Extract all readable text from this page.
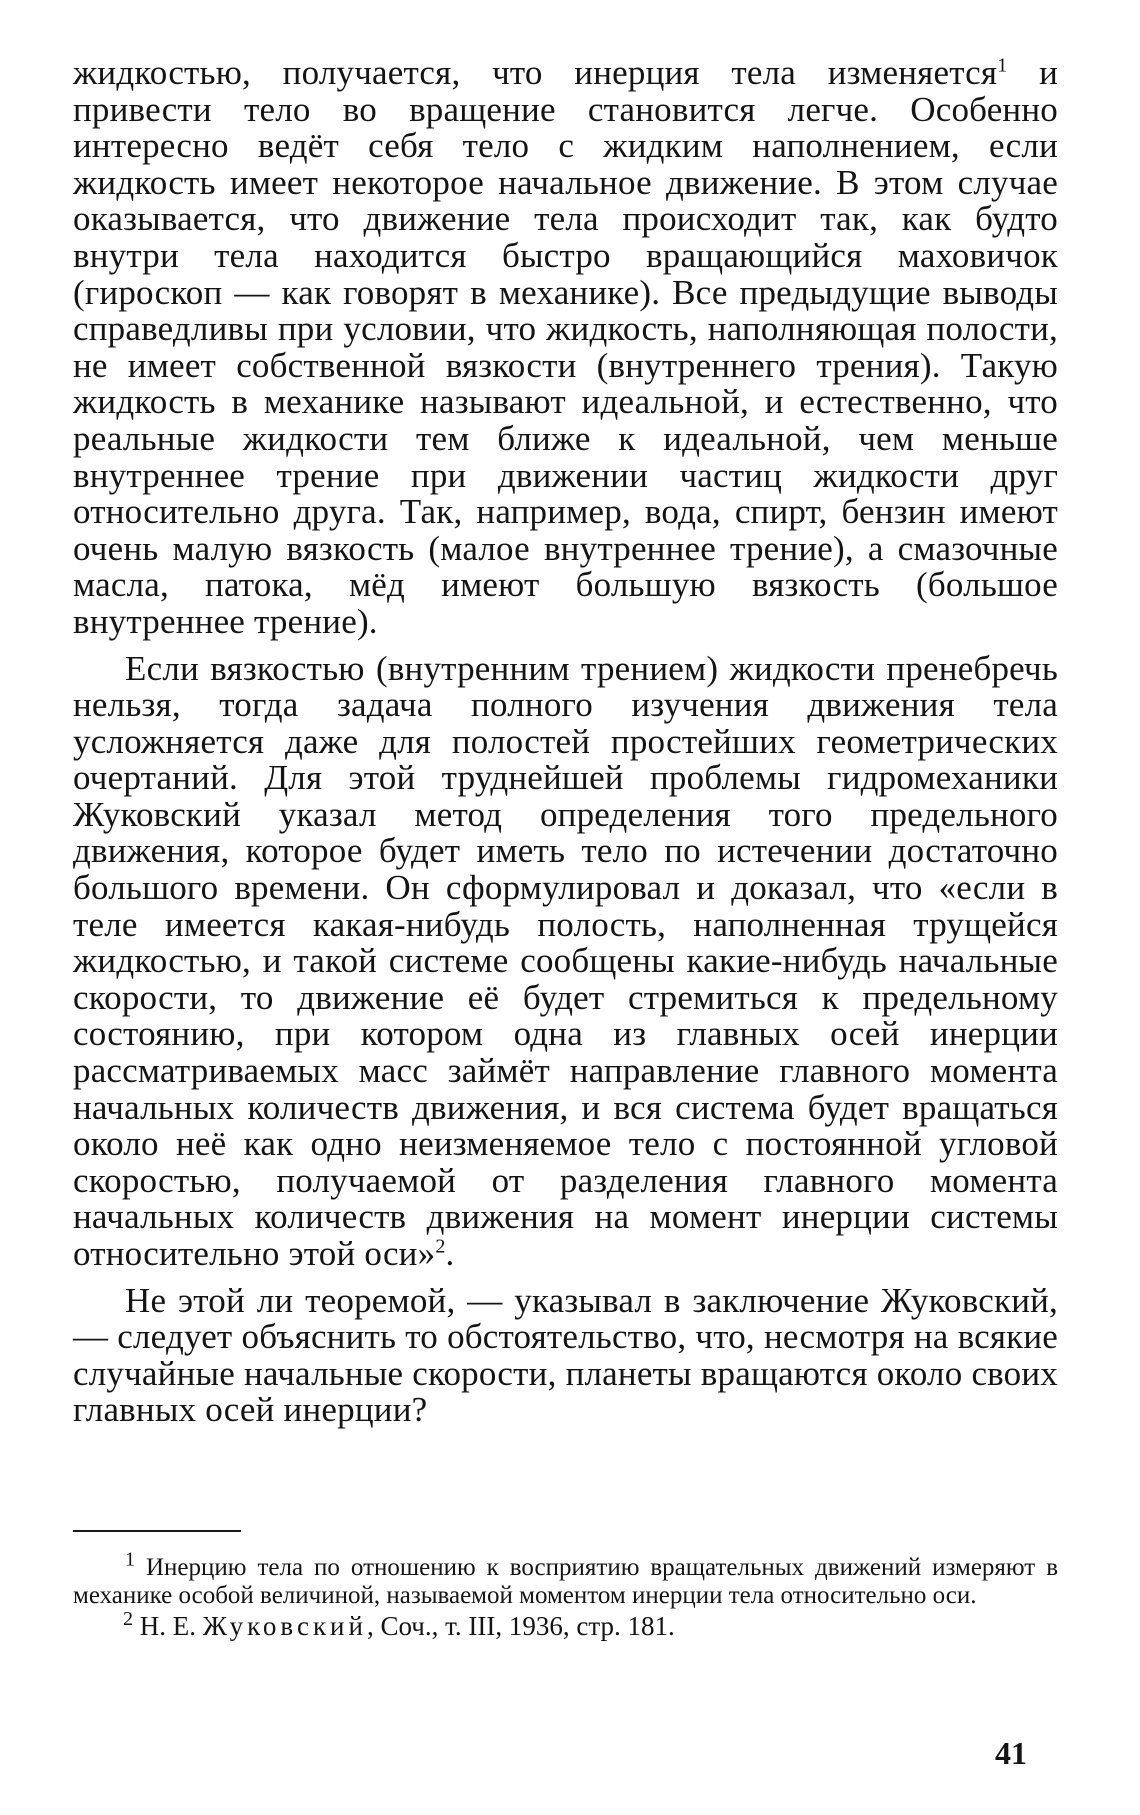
жидкостью, получается, что инерция тела изменяется$^1$ и привести тело во вращение становится легче. Особенно интересно ведёт себя тело с жидким наполнением, если жидкость имеет некоторое начальное движение. В этом случае оказывается, что движение тела происходит так, как будто внутри тела находится быстро вращающийся маховичок (гироскоп — как говорят в механике). Все предыдущие выводы справедливы при условии, что жидкость, наполняющая полости, не имеет собственной вязкости (внутреннего трения). Такую жидкость в механике называют идеальной, и естественно, что реальные жидкости тем ближе к идеальной, чем меньше внутреннее трение при движении частиц жидкости друг относительно друга. Так, например, вода, спирт, бензин имеют очень малую вязкость (малое внутреннее трение), а смазочные масла, патока, мёд имеют большую вязкость (большое внутреннее трение).

Если вязкостью (внутренним трением) жидкости пренебречь нельзя, тогда задача полного изучения движения тела усложняется даже для полостей простейших геометрических очертаний. Для этой труднейшей проблемы гидромеханики Жуковский указал метод определения того предельного движения, которое будет иметь тело по истечении достаточно большого времени. Он сформулировал и доказал, что «если в теле имеется какая-нибудь полость, наполненная трущейся жидкостью, и такой системе сообщены какие-нибудь начальные скорости, то движение её будет стремиться к предельному состоянию, при котором одна из главных осей инерции рассматриваемых масс займёт направление главного момента начальных количеств движения, и вся система будет вращаться около неё как одно неизменяемое тело с постоянной угловой скоростью, получаемой от разделения главного момента начальных количеств движения на момент инерции системы относительно этой оси»$^2$.

Не этой ли теоремой, — указывал в заключение Жуковский,— следует объяснить то обстоятельство, что, несмотря на всякие случайные начальные скорости, планеты вращаются около своих главных осей инерции?

$^1$ Инерцию тела по отношению к восприятию вращательных движений измеряют в механике особой величиной, называемой моментом инерции тела относительно оси.

$^2$ Н. Е. Жуковский, Соч., т. III, 1936, стр. 181.

41
